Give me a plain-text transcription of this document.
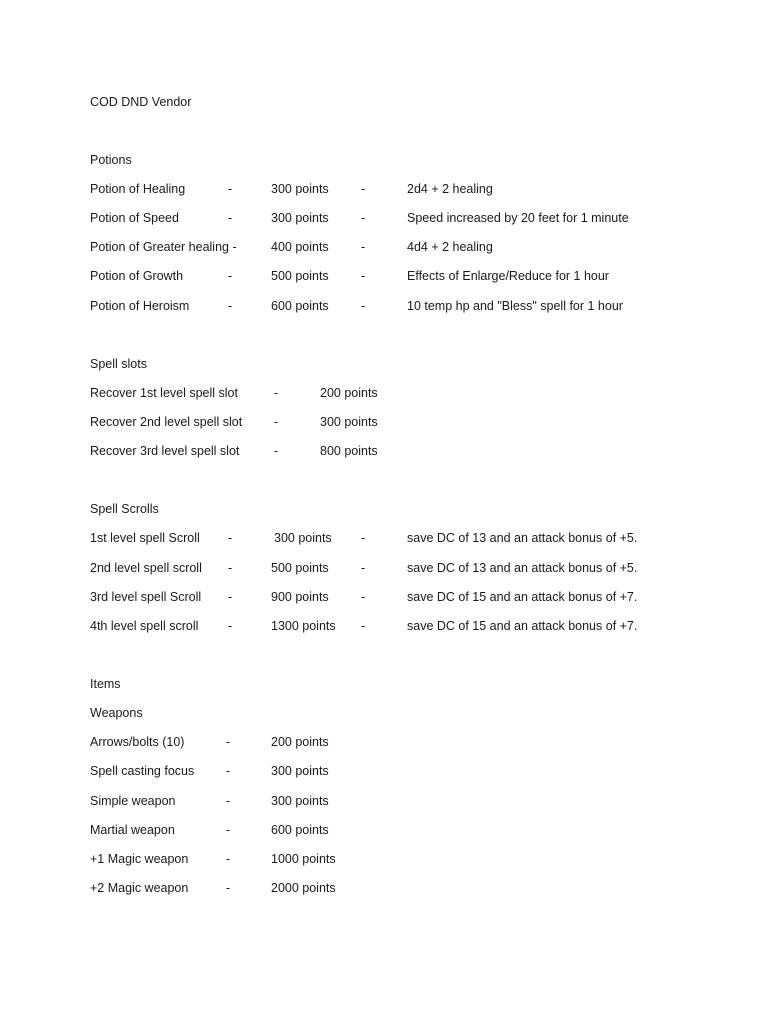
COD DND Vendor
Potions
Potion of Healing	-	300 points	-	2d4 + 2 healing
Potion of Speed	-	300 points	-	Speed increased by 20 feet for 1 minute
Potion of Greater healing -	400 points	-	4d4 + 2 healing
Potion of Growth	-	500 points	-	Effects of Enlarge/Reduce for 1 hour
Potion of Heroism	-	600 points	-	10 temp hp and "Bless" spell for 1 hour
Spell slots
Recover 1st level spell slot	-	200 points
Recover 2nd level spell slot	-	300 points
Recover 3rd level spell slot	-	800 points
Spell Scrolls
1st level spell Scroll -	300 points -	save DC of 13 and an attack bonus of +5.
2nd level spell scroll -	500 points	-	save DC of 13 and an attack bonus of +5.
3rd level spell Scroll -	900 points	-	save DC of 15 and an attack bonus of +7.
4th level spell scroll -	1300 points -	save DC of 15 and an attack bonus of +7.
Items
Weapons
Arrows/bolts (10)	-	200 points
Spell casting focus	-	300 points
Simple weapon	-	300 points
Martial weapon	-	600 points
+1 Magic weapon	-	1000 points
+2 Magic weapon	-	2000 points
